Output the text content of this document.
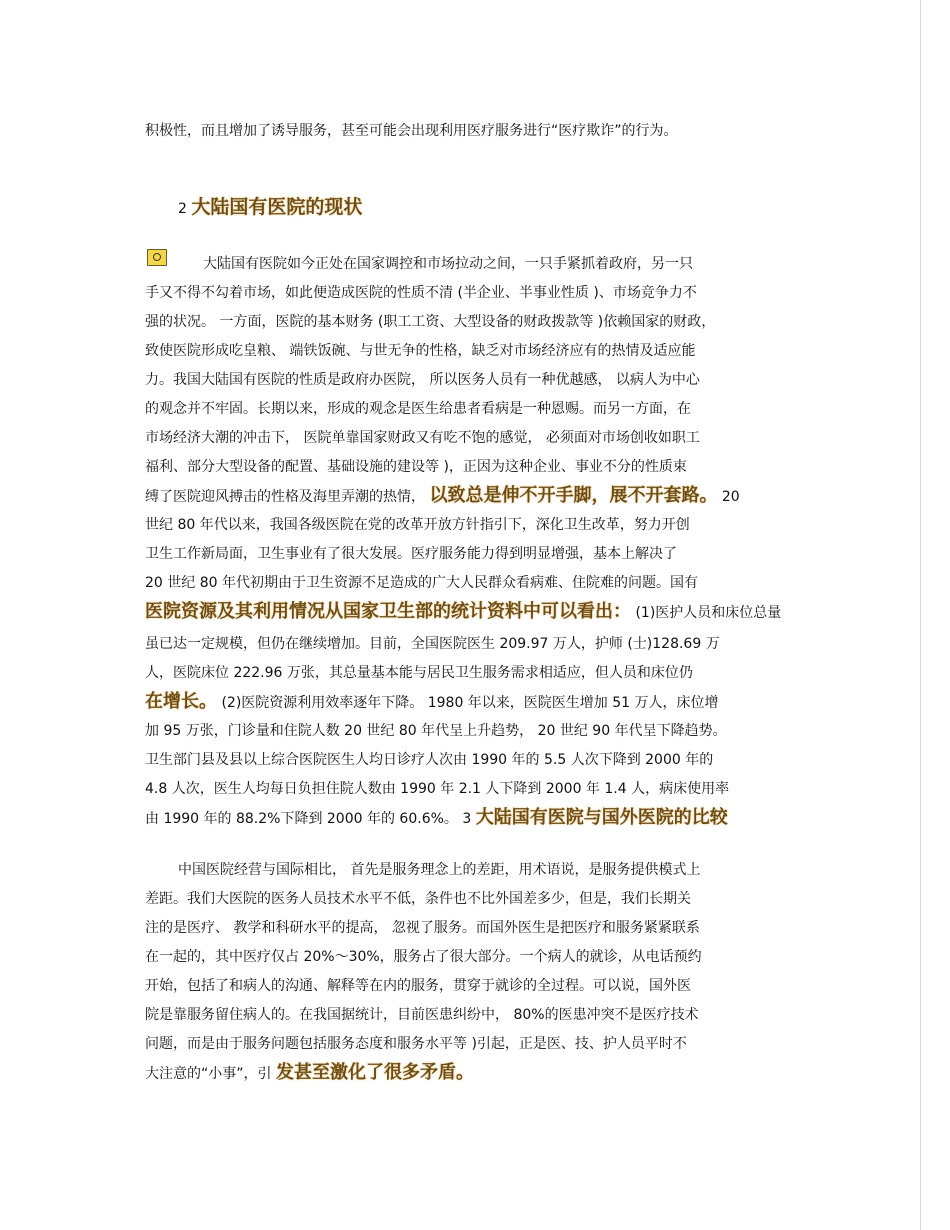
积极性，而且增加了诱导服务，甚至可能会出现利用医疗服务进行“医疗欺诈”的行为。
2 大陆国有医院的现状
大陆国有医院如今正处在国家调控和市场拉动之间，一只手紧抓着政府，另一只
手又不得不勾着市场，如此便造成医院的性质不清 (半企业、半事业性质 )、市场竞争力不
强的状况。 一方面，医院的基本财务 (职工工资、大型设备的财政拨款等 )依赖国家的财政，
致使医院形成吃皇粮、 端铁饭碗、与世无争的性格，缺乏对市场经济应有的热情及适应能
力。我国大陆国有医院的性质是政府办医院， 所以医务人员有一种优越感， 以病人为中心
的观念并不牢固。长期以来，形成的观念是医生给患者看病是一种恩赐。而另一方面，在
市场经济大潮的冲击下， 医院单靠国家财政又有吃不饱的感觉， 必须面对市场创收如职工
福利、部分大型设备的配置、基础设施的建设等 )，正因为这种企业、事业不分的性质束
缚了医院迎风搏击的性格及海里弄潮的热情， 以致总是伸不开手脚，展不开套路。 20
世纪 80 年代以来，我国各级医院在党的改革开放方针指引下，深化卫生改革，努力开创
卫生工作新局面，卫生事业有了很大发展。医疗服务能力得到明显增强，基本上解决了
20 世纪 80 年代初期由于卫生资源不足造成的广大人民群众看病难、住院难的问题。国有
医院资源及其利用情况从国家卫生部的统计资料中可以看出： (1)医护人员和床位总量
虽已达一定规模，但仍在继续增加。目前，全国医院医生 209.97 万人，护师 (士)128.69 万
人，医院床位 222.96 万张，其总量基本能与居民卫生服务需求相适应，但人员和床位仍
在增长。 (2)医院资源利用效率逐年下降。 1980 年以来，医院医生增加 51 万人，床位增
加 95 万张，门诊量和住院人数 20 世纪 80 年代呈上升趋势， 20 世纪 90 年代呈下降趋势。
卫生部门县及县以上综合医院医生人均日诊疗人次由 1990 年的 5.5 人次下降到 2000 年的
4.8 人次，医生人均每日负担住院人数由 1990 年 2.1 人下降到 2000 年 1.4 人，病床使用率
由 1990 年的 88.2%下降到 2000 年的 60.6%。 3 大陆国有医院与国外医院的比较
中国医院经营与国际相比， 首先是服务理念上的差距，用术语说，是服务提供模式上
差距。我们大医院的医务人员技术水平不低，条件也不比外国差多少，但是，我们长期关
注的是医疗、 教学和科研水平的提高， 忽视了服务。而国外医生是把医疗和服务紧紧联系
在一起的，其中医疗仅占 20%～30%，服务占了很大部分。一个病人的就诊，从电话预约
开始，包括了和病人的沟通、解释等在内的服务，贯穿于就诊的全过程。可以说，国外医
院是靠服务留住病人的。在我国据统计，目前医患纠纷中， 80%的医患冲突不是医疗技术
问题，而是由于服务问题包括服务态度和服务水平等 )引起，正是医、技、护人员平时不
大注意的“小事”，引 发甚至激化了很多矛盾。
